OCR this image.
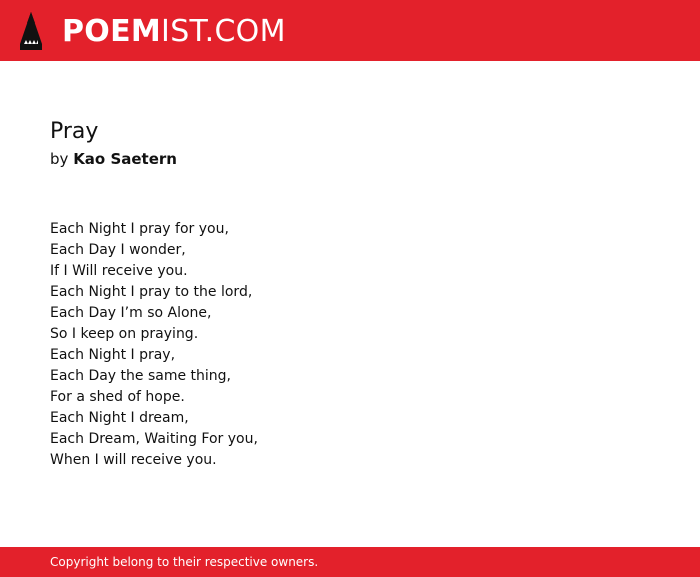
POEMIST.COM
Pray
by Kao Saetern
Each Night I pray for you,
Each Day I wonder,
If I Will receive you.
Each Night I pray to the lord,
Each Day I’m so Alone,
So I keep on praying.
Each Night I pray,
Each Day the same thing,
For a shed of hope.
Each Night I dream,
Each Dream, Waiting For you,
When I will receive you.
Copyright belong to their respective owners.
